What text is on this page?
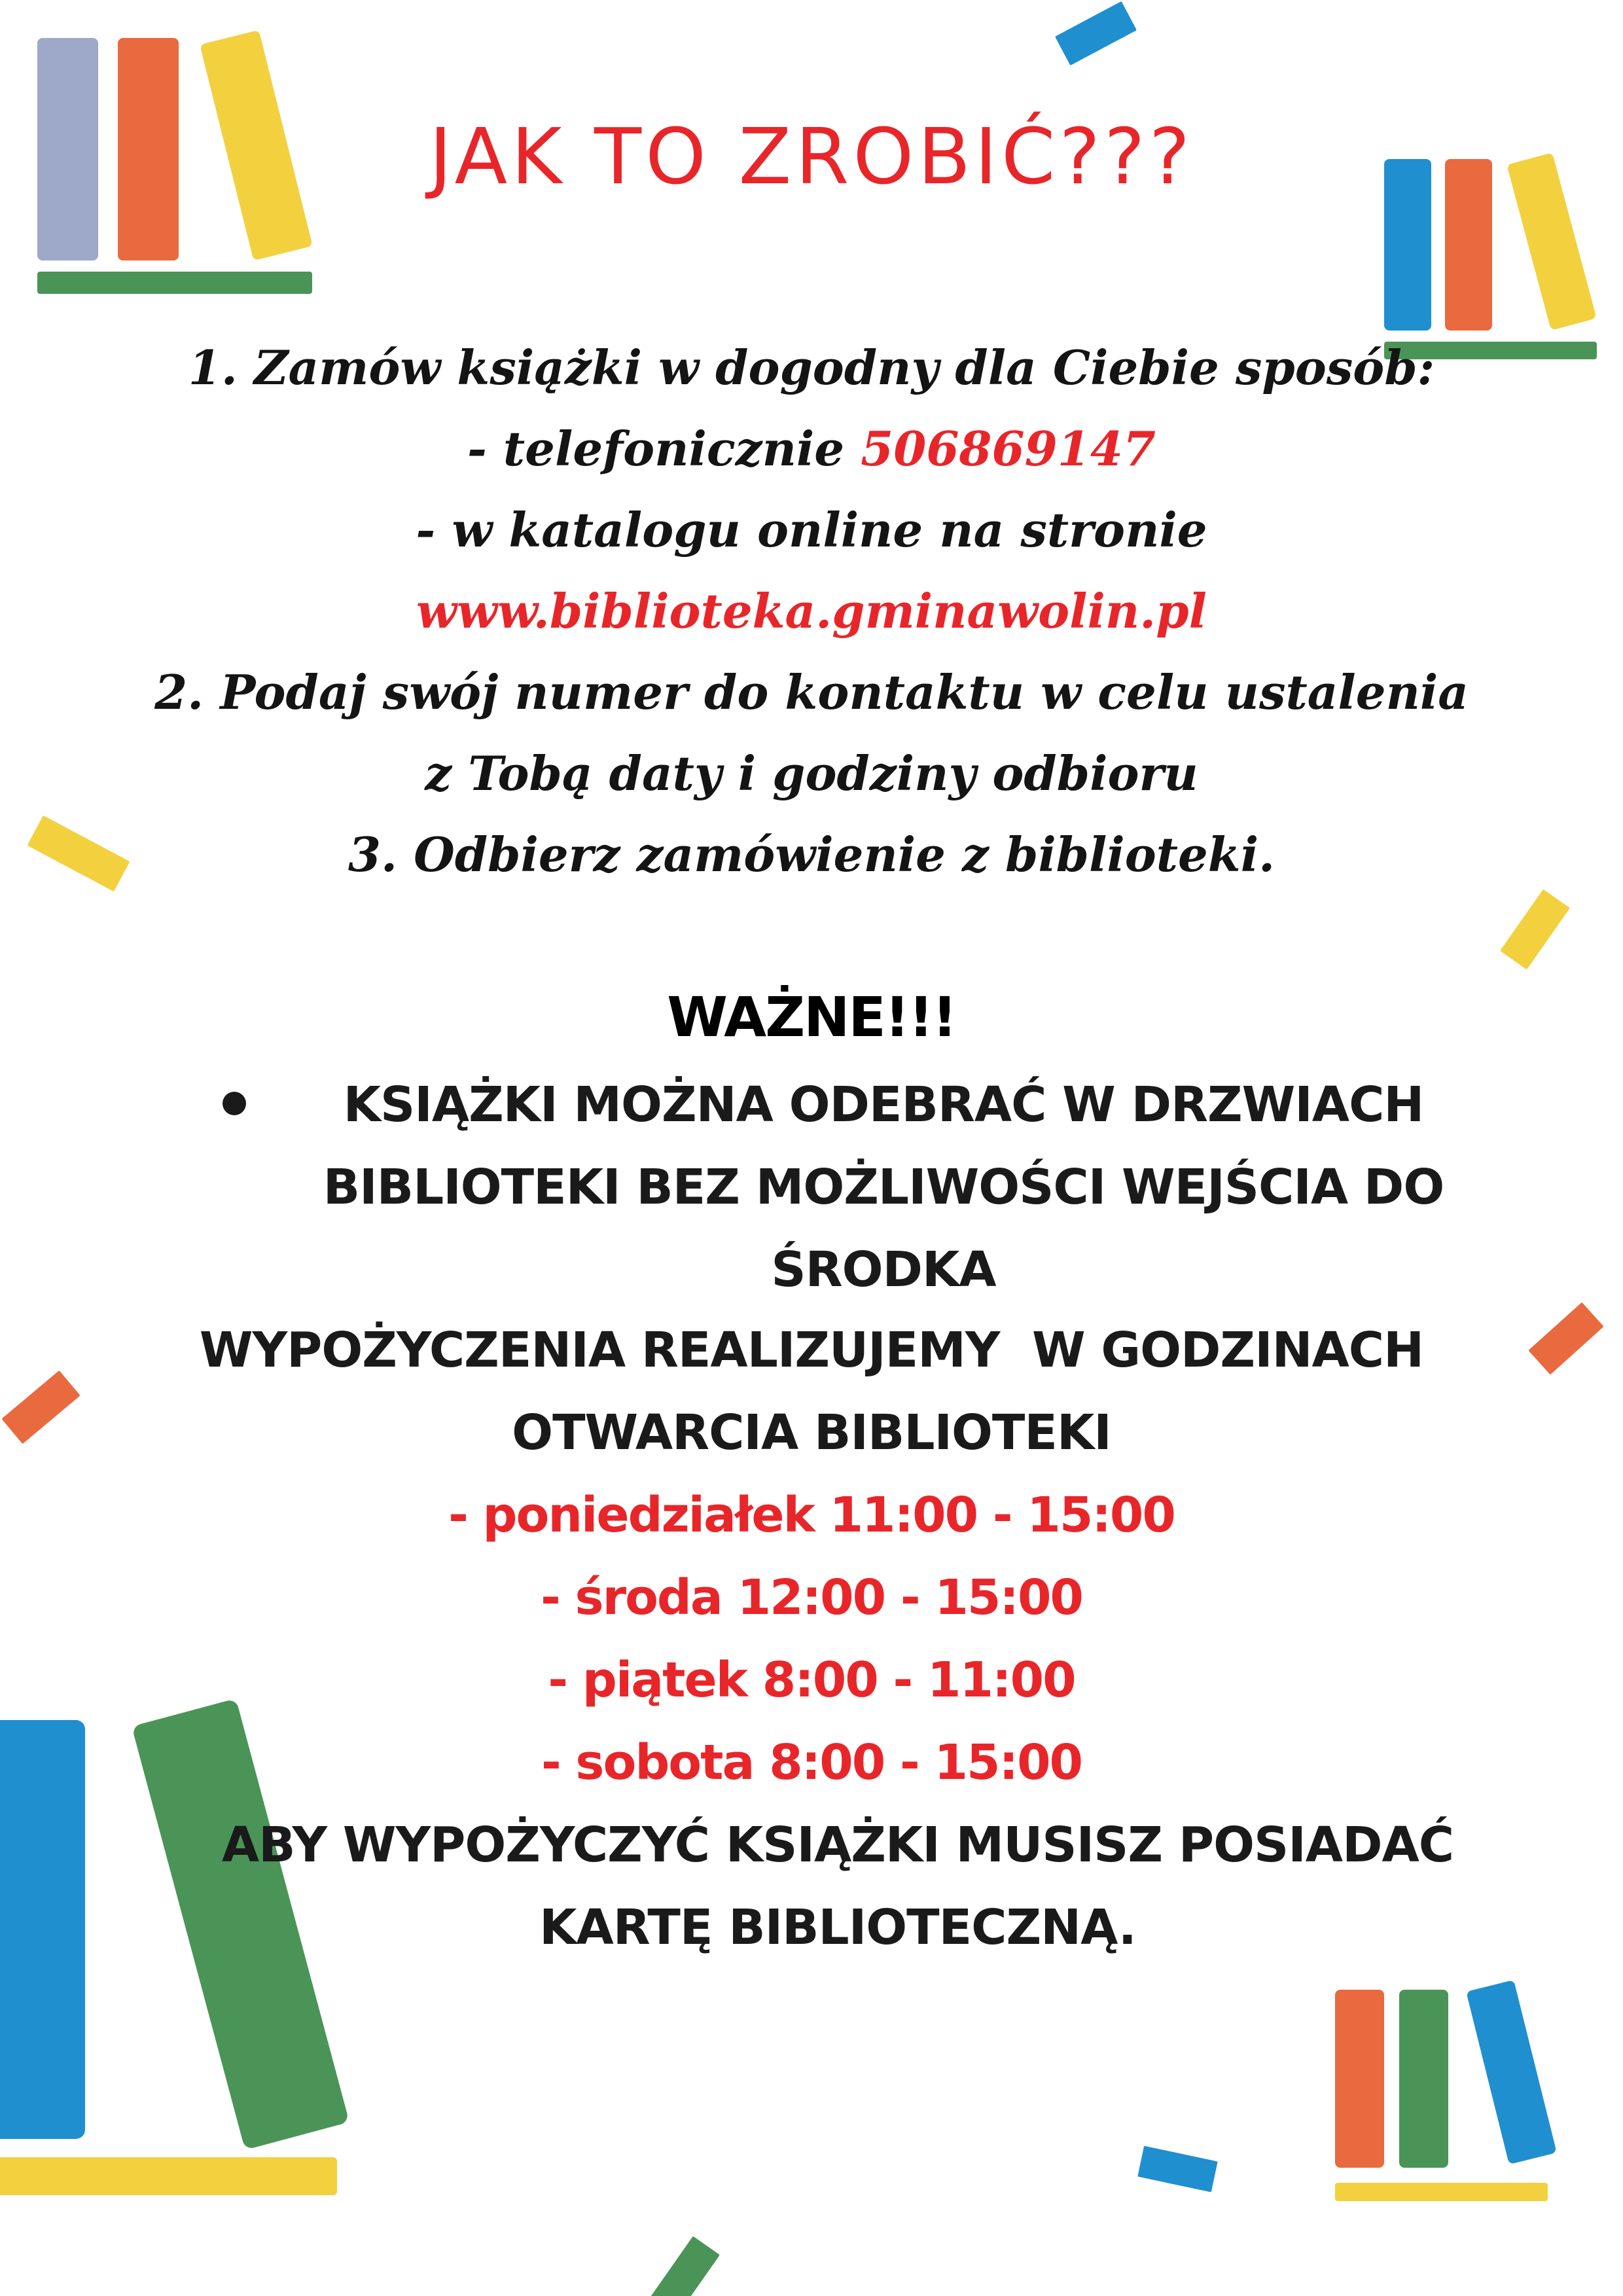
JAK TO ZROBIĆ???
1. Zamów książki w dogodny dla Ciebie sposób:
- telefonicznie 506869147
- w katalogu online na stronie
www.biblioteka.gminawolin.pl
2. Podaj swój numer do kontaktu w celu ustalenia
z Tobą daty i godziny odbioru
3. Odbierz zamówienie z biblioteki.
WAŻNE!!!
KSIĄŻKI MOŻNA ODEBRAĆ W DRZWIACH
BIBLIOTEKI BEZ MOŻLIWOŚCI WEJŚCIA DO
ŚRODKA
WYPOŻYCZENIA REALIZUJEMY  W GODZINACH
OTWARCIA BIBLIOTEKI
- poniedziałek 11:00 - 15:00
- środa 12:00 - 15:00
- piątek 8:00 - 11:00
- sobota 8:00 - 15:00
ABY WYPOŻYCZYĆ KSIĄŻKI MUSISZ POSIADAĆ
KARTĘ BIBLIOTECZNĄ.
